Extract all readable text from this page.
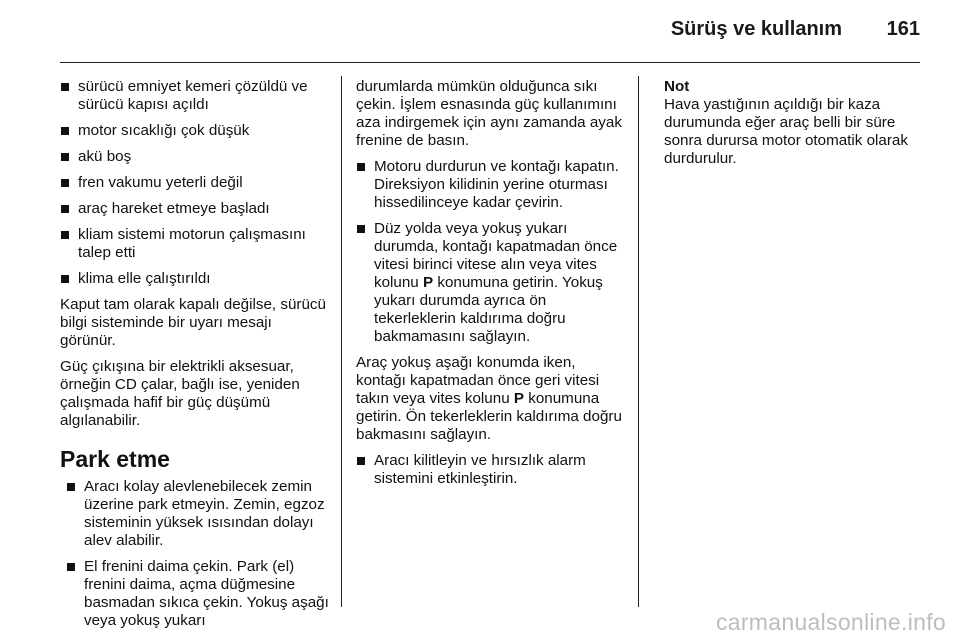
Sürüş ve kullanım 161
sürücü emniyet kemeri çözüldü ve sürücü kapısı açıldı
motor sıcaklığı çok düşük
akü boş
fren vakumu yeterli değil
araç hareket etmeye başladı
kliam sistemi motorun çalışmasını talep etti
klima elle çalıştırıldı

Kaput tam olarak kapalı değilse, sürücü bilgi sisteminde bir uyarı mesajı görünür.

Güç çıkışına bir elektrikli aksesuar, örneğin CD çalar, bağlı ise, yeniden çalışmada hafif bir güç düşümü algılanabilir.

Park etme
Aracı kolay alevlenebilecek zemin üzerine park etmeyin. Zemin, egzoz sisteminin yüksek ısısından dolayı alev alabilir.
El frenini daima çekin. Park (el) frenini daima, açma düğmesine basmadan sıkıca çekin. Yokuş aşağı veya yokuş yukarı

durumlarda mümkün olduğunca sıkı çekin. İşlem esnasında güç kullanımını aza indirgemek için aynı zamanda ayak frenine de basın.

Motoru durdurun ve kontağı kapatın. Direksiyon kilidinin yerine oturması hissedilinceye kadar çevirin.
Düz yolda veya yokuş yukarı durumda, kontağı kapatmadan önce vitesi birinci vitese alın veya vites kolunu P konumuna getirin. Yokuş yukarı durumda ayrıca ön tekerleklerin kaldırıma doğru bakmamasını sağlayın.

Araç yokuş aşağı konumda iken, kontağı kapatmadan önce geri vitesi takın veya vites kolunu P konumuna getirin. Ön tekerleklerin kaldırıma doğru bakmasını sağlayın.

Aracı kilitleyin ve hırsızlık alarm sistemini etkinleştirin.
Not
Hava yastığının açıldığı bir kaza durumunda eğer araç belli bir süre sonra durursa motor otomatik olarak durdurulur.
carmanualsonline.info
